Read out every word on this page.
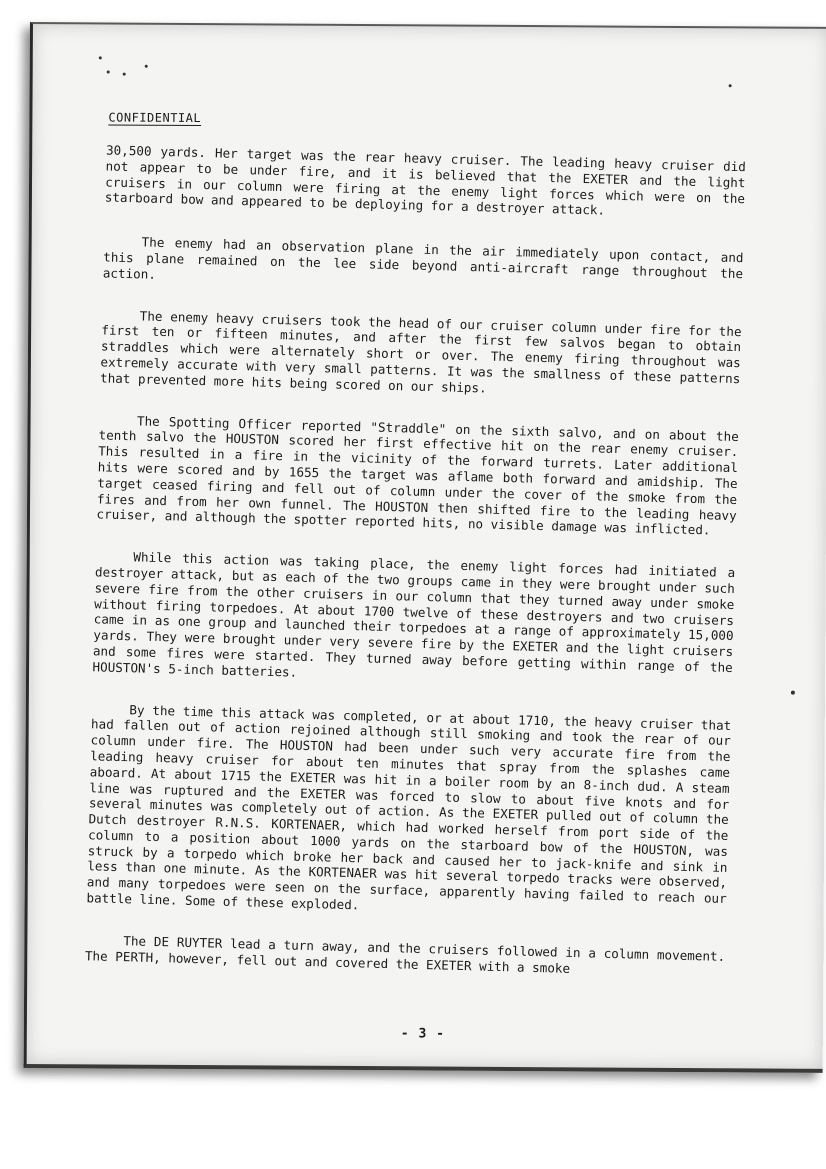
CONFIDENTIAL

30,500 yards. Her target was the rear heavy cruiser. The leading heavy cruiser did not appear to be under fire, and it is believed that the EXETER and the light cruisers in our column were firing at the enemy light forces which were on the starboard bow and appeared to be deploying for a destroyer attack.

The enemy had an observation plane in the air immediately upon contact, and this plane remained on the lee side beyond anti-aircraft range throughout the action.

The enemy heavy cruisers took the head of our cruiser column under fire for the first ten or fifteen minutes, and after the first few salvos began to obtain straddles which were alternately short or over. The enemy firing throughout was extremely accurate with very small patterns. It was the smallness of these patterns that prevented more hits being scored on our ships.

The Spotting Officer reported "Straddle" on the sixth salvo, and on about the tenth salvo the HOUSTON scored her first effective hit on the rear enemy cruiser. This resulted in a fire in the vicinity of the forward turrets. Later additional hits were scored and by 1655 the target was aflame both forward and amidship. The target ceased firing and fell out of column under the cover of the smoke from the fires and from her own funnel. The HOUSTON then shifted fire to the leading heavy cruiser, and although the spotter reported hits, no visible damage was inflicted.

While this action was taking place, the enemy light forces had initiated a destroyer attack, but as each of the two groups came in they were brought under such severe fire from the other cruisers in our column that they turned away under smoke without firing torpedoes. At about 1700 twelve of these destroyers and two cruisers came in as one group and launched their torpedoes at a range of approximately 15,000 yards. They were brought under very severe fire by the EXETER and the light cruisers and some fires were started. They turned away before getting within range of the HOUSTON's 5-inch batteries.

By the time this attack was completed, or at about 1710, the heavy cruiser that had fallen out of action rejoined although still smoking and took the rear of our column under fire. The HOUSTON had been under such very accurate fire from the leading heavy cruiser for about ten minutes that spray from the splashes came aboard. At about 1715 the EXETER was hit in a boiler room by an 8-inch dud. A steam line was ruptured and the EXETER was forced to slow to about five knots and for several minutes was completely out of action. As the EXETER pulled out of column the Dutch destroyer R.N.S. KORTENAER, which had worked herself from port side of the column to a position about 1000 yards on the starboard bow of the HOUSTON, was struck by a torpedo which broke her back and caused her to jack-knife and sink in less than one minute. As the KORTENAER was hit several torpedo tracks were observed, and many torpedoes were seen on the surface, apparently having failed to reach our battle line. Some of these exploded.

The DE RUYTER lead a turn away, and the cruisers followed in a column movement. The PERTH, however, fell out and covered the EXETER with a smoke

- 3 -
